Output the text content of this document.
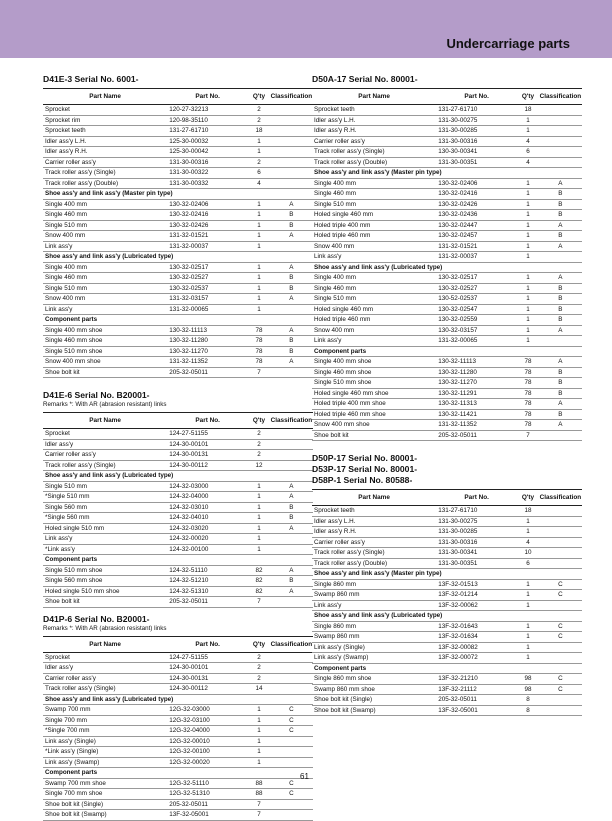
Undercarriage parts
D41E-3 Serial No. 6001-
Part Name	Part No.	Q'ty	Classification
Sprocket	120-27-32213	2	
Sprocket rim	120-98-35110	2	
Sprocket teeth	131-27-61710	18	
Idler ass'y L.H.	125-30-00032	1	
Idler ass'y R.H.	125-30-00042	1	
Carrier roller ass'y	131-30-00316	2	
Track roller ass'y (Single)	131-30-00322	6	
Track roller ass'y (Double)	131-30-00332	4	
Shoe ass'y and link ass'y (Master pin type)			
Single 400 mm	130-32-02406	1	A
Single 460 mm	130-32-02416	1	B
Single 510 mm	130-32-02426	1	B
Snow 400 mm	131-32-01521	1	A
Link ass'y	131-32-00037	1	
Shoe ass'y and link ass'y (Lubricated type)			
Single 400 mm	130-32-02517	1	A
Single 460 mm	130-32-02527	1	B
Single 510 mm	130-32-02537	1	B
Snow 400 mm	131-32-03157	1	A
Link ass'y	131-32-00065	1	
Component parts			
Single 400 mm shoe	130-32-11113	78	A
Single 460 mm shoe	130-32-11280	78	B
Single 510 mm shoe	130-32-11270	78	B
Snow 400 mm shoe	131-32-11352	78	A
Shoe bolt kit	205-32-05011	7	
D41E-6 Serial No. B20001-
Remarks *: With AR (abrasion resistant) links
Part Name	Part No.	Q'ty	Classification
Sprocket	124-27-51155	2	
Idler ass'y	124-30-00101	2	
Carrier roller ass'y	124-30-00131	2	
Track roller ass'y (Single)	124-30-00112	12	
Shoe ass'y and link ass'y (Lubricated type)			
Single 510 mm	124-32-03000	1	A
*Single 510 mm	124-32-04000	1	A
Single 560 mm	124-32-03010	1	B
*Single 560 mm	124-32-04010	1	B
Holed single 510 mm	124-32-03020	1	A
Link ass'y	124-32-00020	1	
*Link ass'y	124-32-00100	1	
Component parts			
Single 510 mm shoe	124-32-51110	82	A
Single 560 mm shoe	124-32-51210	82	B
Holed single 510 mm shoe	124-32-51310	82	A
Shoe bolt kit	205-32-05011	7	
D41P-6 Serial No. B20001-
Remarks *: With AR (abrasion resistant) links
Part Name	Part No.	Q'ty	Classification
Sprocket	124-27-51155	2	
Idler ass'y	124-30-00101	2	
Carrier roller ass'y	124-30-00131	2	
Track roller ass'y (Single)	124-30-00112	14	
Shoe ass'y and link ass'y (Lubricated type)			
Swamp 700 mm	12G-32-03000	1	C
Single 700 mm	12G-32-03100	1	C
*Single 700 mm	12G-32-04000	1	C
Link ass'y (Single)	12G-32-00010	1	
*Link ass'y (Single)	12G-32-00100	1	
Link ass'y (Swamp)	12G-32-00020	1	
Component parts			
Swamp 700 mm shoe	12G-32-51110	88	C
Single 700 mm shoe	12G-32-51310	88	C
Shoe bolt kit (Single)	205-32-05011	7	
Shoe bolt kit (Swamp)	13F-32-05001	7	
D50A-17 Serial No. 80001-
Part Name	Part No.	Q'ty	Classification
Sprocket teeth	131-27-61710	18	
Idler ass'y L.H.	131-30-00275	1	
Idler ass'y R.H.	131-30-00285	1	
Carrier roller ass'y	131-30-00316	4	
Track roller ass'y (Single)	130-30-00341	6	
Track roller ass'y (Double)	131-30-00351	4	
Shoe ass'y and link ass'y (Master pin type)			
Single 400 mm	130-32-02406	1	A
Single 460 mm	130-32-02416	1	B
Single 510 mm	130-32-02426	1	B
Holed single 460 mm	130-32-02436	1	B
Holed triple 400 mm	130-32-02447	1	A
Holed triple 460 mm	130-32-02457	1	B
Snow 400 mm	131-32-01521	1	A
Link ass'y	131-32-00037	1	
Shoe ass'y and link ass'y (Lubricated type)			
Single 400 mm	130-32-02517	1	A
Single 460 mm	130-32-02527	1	B
Single 510 mm	130-52-02537	1	B
Holed single 460 mm	130-32-02547	1	B
Holed triple 460 mm	130-32-02559	1	B
Snow 400 mm	130-32-03157	1	A
Link ass'y	131-32-00065	1	
Component parts			
Single 400 mm shoe	130-32-11113	78	A
Single 460 mm shoe	130-32-11280	78	B
Single 510 mm shoe	130-32-11270	78	B
Holed single 460 mm shoe	130-32-11291	78	B
Holed triple 400 mm shoe	130-32-11313	78	A
Holed triple 460 mm shoe	130-32-11421	78	B
Snow 400 mm shoe	131-32-11352	78	A
Shoe bolt kit	205-32-05011	7	
D50P-17 Serial No. 80001-
D53P-17 Serial No. 80001-
D58P-1 Serial No. 80588-
Part Name	Part No.	Q'ty	Classification
Sprocket teeth	131-27-61710	18	
Idler ass'y L.H.	131-30-00275	1	
Idler ass'y R.H.	131-30-00285	1	
Carrier roller ass'y	131-30-00316	4	
Track roller ass'y (Single)	131-30-00341	10	
Track roller ass'y (Double)	131-30-00351	6	
Shoe ass'y and link ass'y (Master pin type)			
Single 860 mm	13F-32-01513	1	C
Swamp 860 mm	13F-32-01214	1	C
Link ass'y	13F-32-00062	1	
Shoe ass'y and link ass'y (Lubricated type)			
Single 860 mm	13F-32-01643	1	C
Swamp 860 mm	13F-32-01634	1	C
Link ass'y (Single)	13F-32-00082	1	
Link ass'y (Swamp)	13F-32-00072	1	
Component parts			
Single 860 mm shoe	13F-32-21210	98	C
Swamp 860 mm shoe	13F-32-21112	98	C
Shoe bolt kit (Single)	205-32-05011	8	
Shoe bolt kit (Swamp)	13F-32-05001	8	
61
